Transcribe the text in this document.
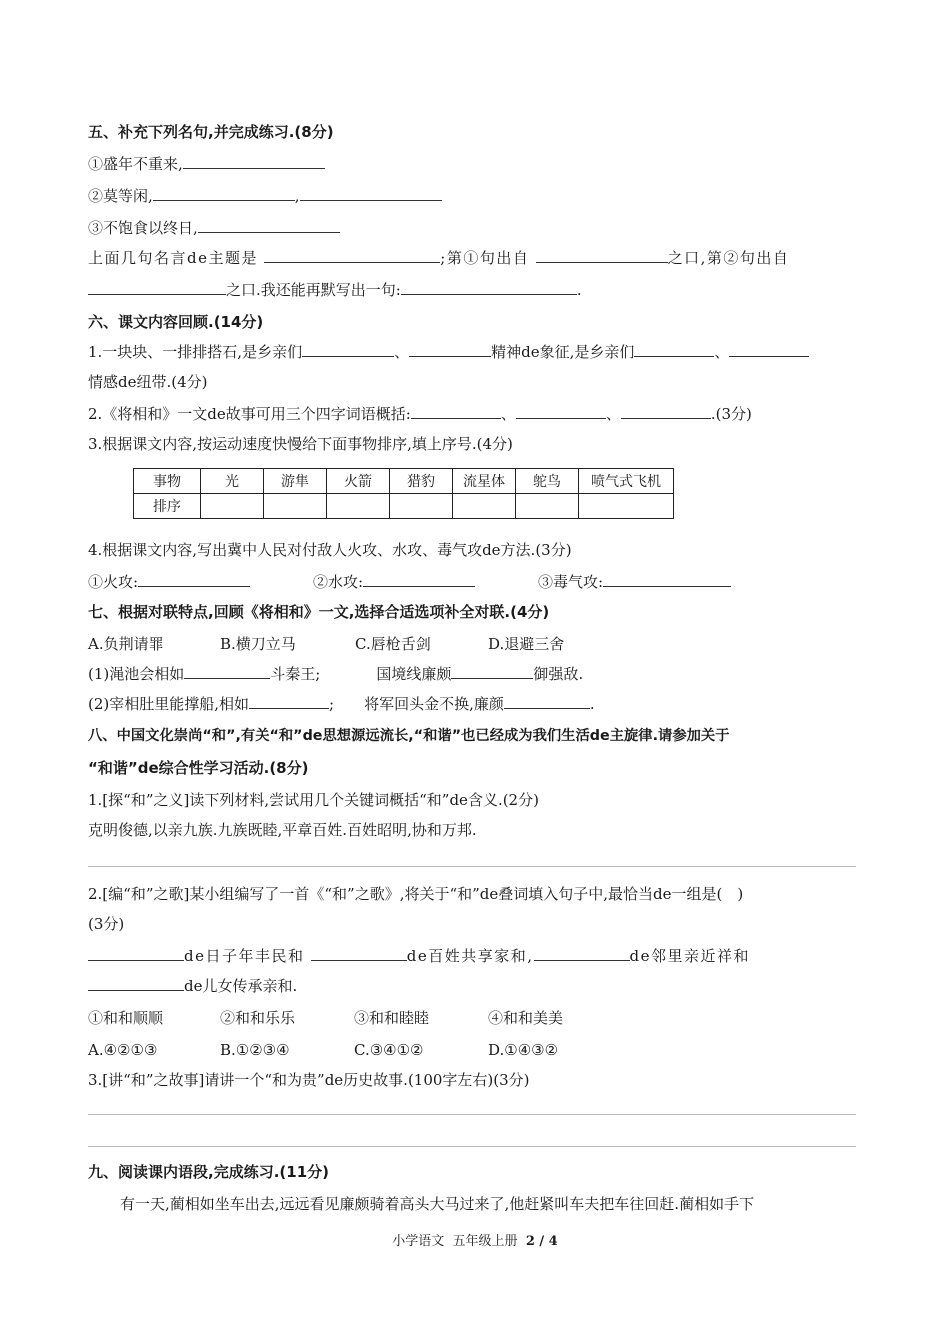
五、补充下列名句,并完成练习.(8分)
①盛年不重来,
②莫等闲,	,
③不饱食以终日,
上面几句名言de主题是	;第①句出自	之口,第②句出自
之口.我还能再默写出一句:	.
六、课文内容回顾.(14分)
1.一块块、一排排搭石,是乡亲们	、	精神de象征,是乡亲们	、
情感de纽带.(4分)
2.《将相和》一文de故事可用三个四字词语概括:	、	、	.(3分)
3.根据课文内容,按运动速度快慢给下面事物排序,填上序号.(4分)
事物	光	游隼	火箭	猎豹	流星体	鸵鸟	喷气式飞机
排序							
4.根据课文内容,写出冀中人民对付敌人火攻、水攻、毒气攻de方法.(3分)
①火攻:	②水攻:	③毒气攻:
七、根据对联特点,回顾《将相和》一文,选择合适选项补全对联.(4分)
A.负荆请罪	B.横刀立马	C.唇枪舌剑	D.退避三舍
(1)渑池会相如	斗秦王;	国境线廉颇	御强敌.
(2)宰相肚里能撑船,相如	; 将军回头金不换,廉颜	.
八、中国文化崇尚“和”,有关“和”de思想源远流长,“和谐”也已经成为我们生活de主旋律.请参加关于
“和谐”de综合性学习活动.(8分)
1.[探“和”之义]读下列材料,尝试用几个关键词概括“和”de含义.(2分)
克明俊德,以亲九族.九族既睦,平章百姓.百姓昭明,协和万邦.
2.[编“和”之歌]某小组编写了一首《“和”之歌》,将关于“和”de叠词填入句子中,最恰当de一组是(　)
(3分)
de日子年丰民和	de百姓共享家和,	de邻里亲近祥和
de儿女传承亲和.
①和和顺顺	②和和乐乐	③和和睦睦	④和和美美
A.④②①③	B.①②③④	C.③④①②	D.①④③②
3.[讲“和”之故事]请讲一个“和为贵”de历史故事.(100字左右)(3分)
九、阅读课内语段,完成练习.(11分)
有一天,蔺相如坐车出去,远远看见廉颇骑着高头大马过来了,他赶紧叫车夫把车往回赶.蔺相如手下
小学语文 五年级上册 2 / 4
